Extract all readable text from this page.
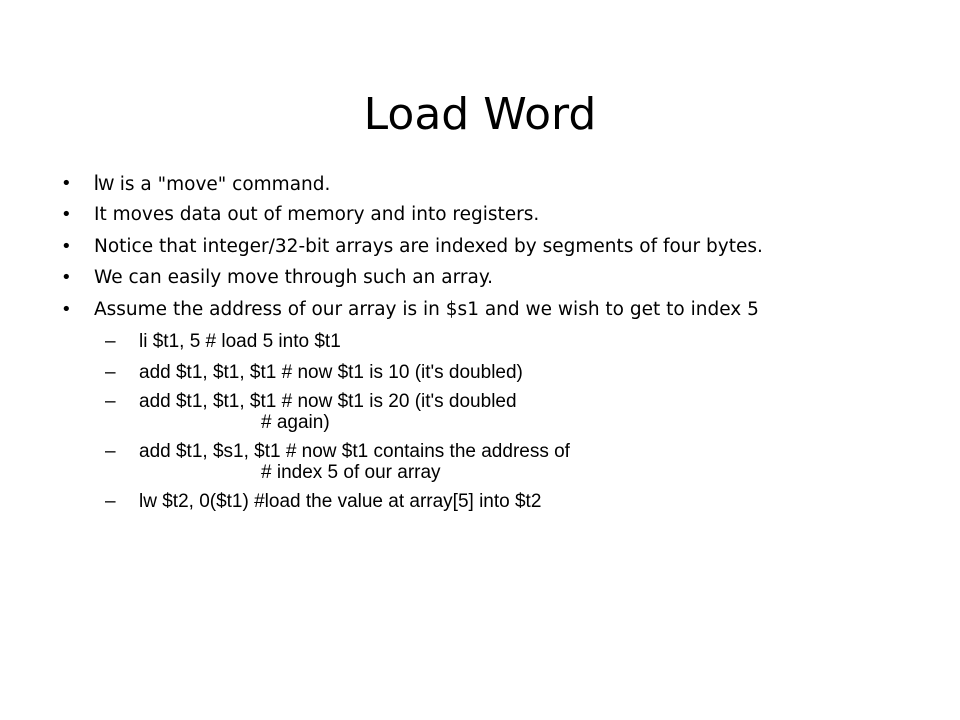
Load Word
• lw is a "move" command.
• It moves data out of memory and into registers.
• Notice that integer/32-bit arrays are indexed by segments of four bytes.
• We can easily move through such an array.
• Assume the address of our array is in $s1 and we wish to get to index 5
– li $t1, 5 # load 5 into $t1
– add $t1, $t1, $t1 # now $t1 is 10 (it's doubled)
– add $t1, $t1, $t1 # now $t1 is 20 (it's doubled
# again)
– add $t1, $s1, $t1 # now $t1 contains the address of
# index 5 of our array
– lw $t2, 0($t1) #load the value at array[5] into $t2
